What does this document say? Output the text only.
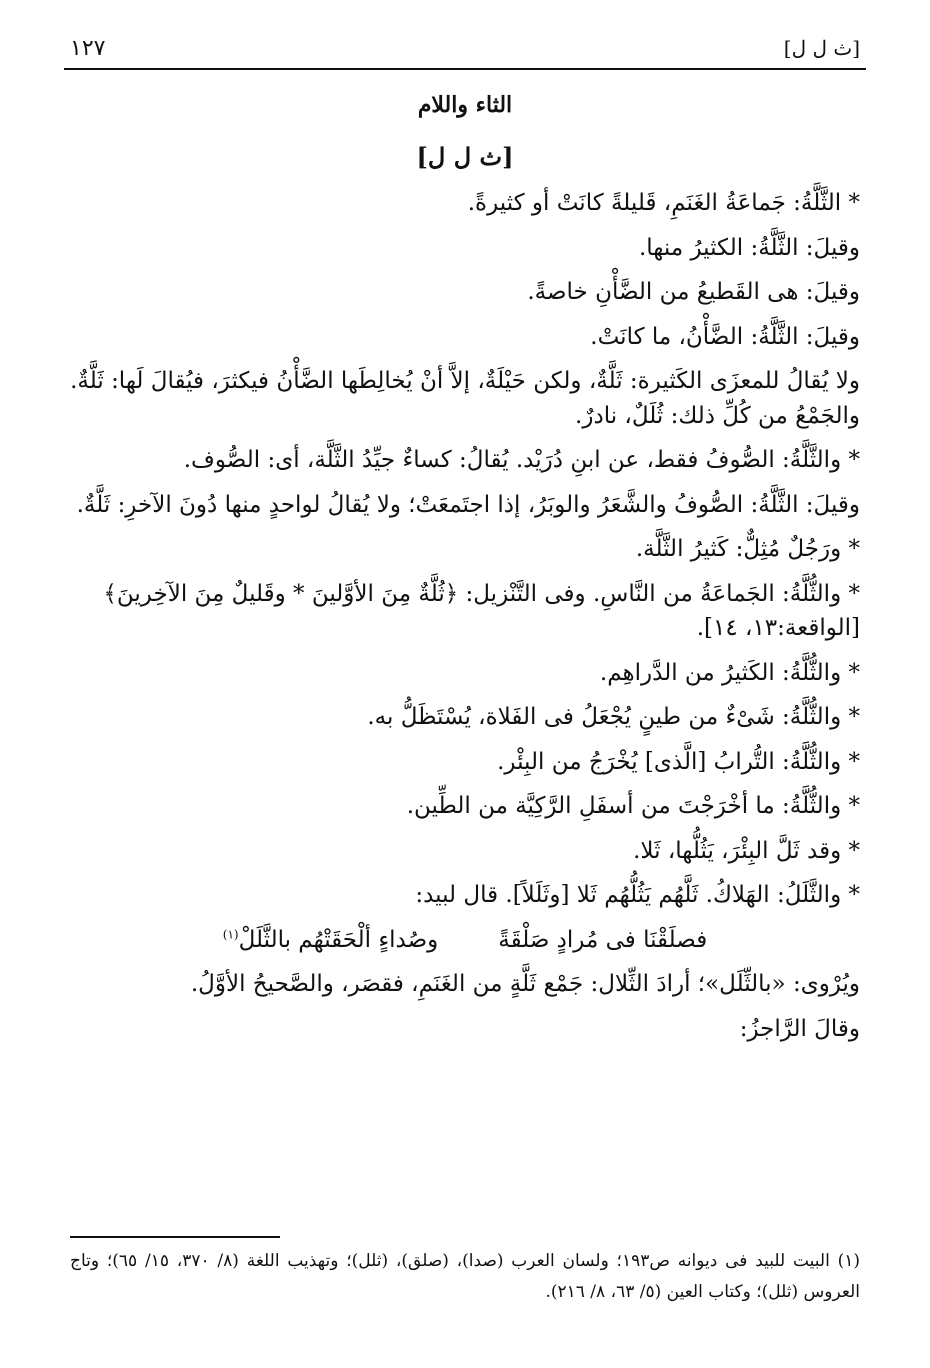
١٢٧	[ث ل ل]
الثاء واللام
[ث ل ل]

* الثَّلَّةُ: جَماعَةُ الغَنَمِ، قَليلةً كانَتْ أو كثيرةً.

وقيلَ: الثَّلَّةُ: الكثيرُ منها.

وقيلَ: هى القَطيعُ من الضَّأْنِ خاصةً.

وقيلَ: الثَّلَّةُ: الضَّأْنُ، ما كانَتْ.

ولا يُقالُ للمعزَى الكَثيرة: ثَلَّةٌ، ولكن حَيْلَةٌ، إلاَّ أنْ يُخالِطَها الضَّأْنُ فيكثرَ، فيُقالَ لَها: ثَلَّةٌ. والجَمْعُ من كُلِّ ذلك: ثُلَلٌ، نادرٌ.

* والثَّلَّةُ: الصُّوفُ فقط، عن ابنِ دُرَيْد. يُقالُ: كساءٌ جيِّدُ الثَّلَّة، أى: الصُّوف.

وقيلَ: الثَّلَّةُ: الصُّوفُ والشَّعَرُ والوبَرُ، إذا اجتَمعَتْ؛ ولا يُقالُ لواحدٍ منها دُونَ الآخرِ: ثَلَّةٌ.

* ورَجُلٌ مُثِلٌّ: كَثيرُ الثَّلَّة.

* والثُّلَّةُ: الجَماعَةُ من النَّاسِ. وفى التَّنْزيل: ﴿ثُلَّةٌ مِنَ الأوَّلينَ * وقَليلٌ مِنَ الآخِرينَ﴾ [الواقعة:١٣، ١٤].

* والثُّلَّةُ: الكَثيرُ من الدَّراهِم.

* والثُّلَّةُ: شَىْءٌ من طينٍ يُجْعَلُ فى الفَلاة، يُسْتَظَلُّ به.

* والثُّلَّةُ: التُّرابُ [الَّذى] يُخْرَجُ من البِئْر.

* والثُّلَّةُ: ما أخْرَجْتَ من أسفَلِ الرَّكِيَّة من الطِّين.

* وقد ثَلَّ البِئْرَ، يَثُلُّها، ثَلا.

* والثَّلَلُ: الهَلاكُ. ثَلَّهُم يَثُلُّهُم ثَلا [وثَلَلاً]. قال لبيد:

فصلَقْنَا فى مُرادٍ صَلْقَةً
وصُداءٍ ألْحَقَتْهُم بالثَّلَلْ$^{(١)}$

ويُرْوى: «بالثِّلَل»؛ أرادَ الثِّلال: جَمْع ثَلَّةٍ من الغَنَمِ، فقصَر، والصَّحيحُ الأوَّلُ.

وقالَ الرَّاجزُ:

(١) البيت للبيد فى ديوانه ص١٩٣؛ ولسان العرب (صدا)، (صلق)، (ثلل)؛ وتهذيب اللغة (٨/ ٣٧٠، ١٥/ ٦٥)؛ وتاج العروس (ثلل)؛ وكتاب العين (٥/ ٦٣، ٨/ ٢١٦).
